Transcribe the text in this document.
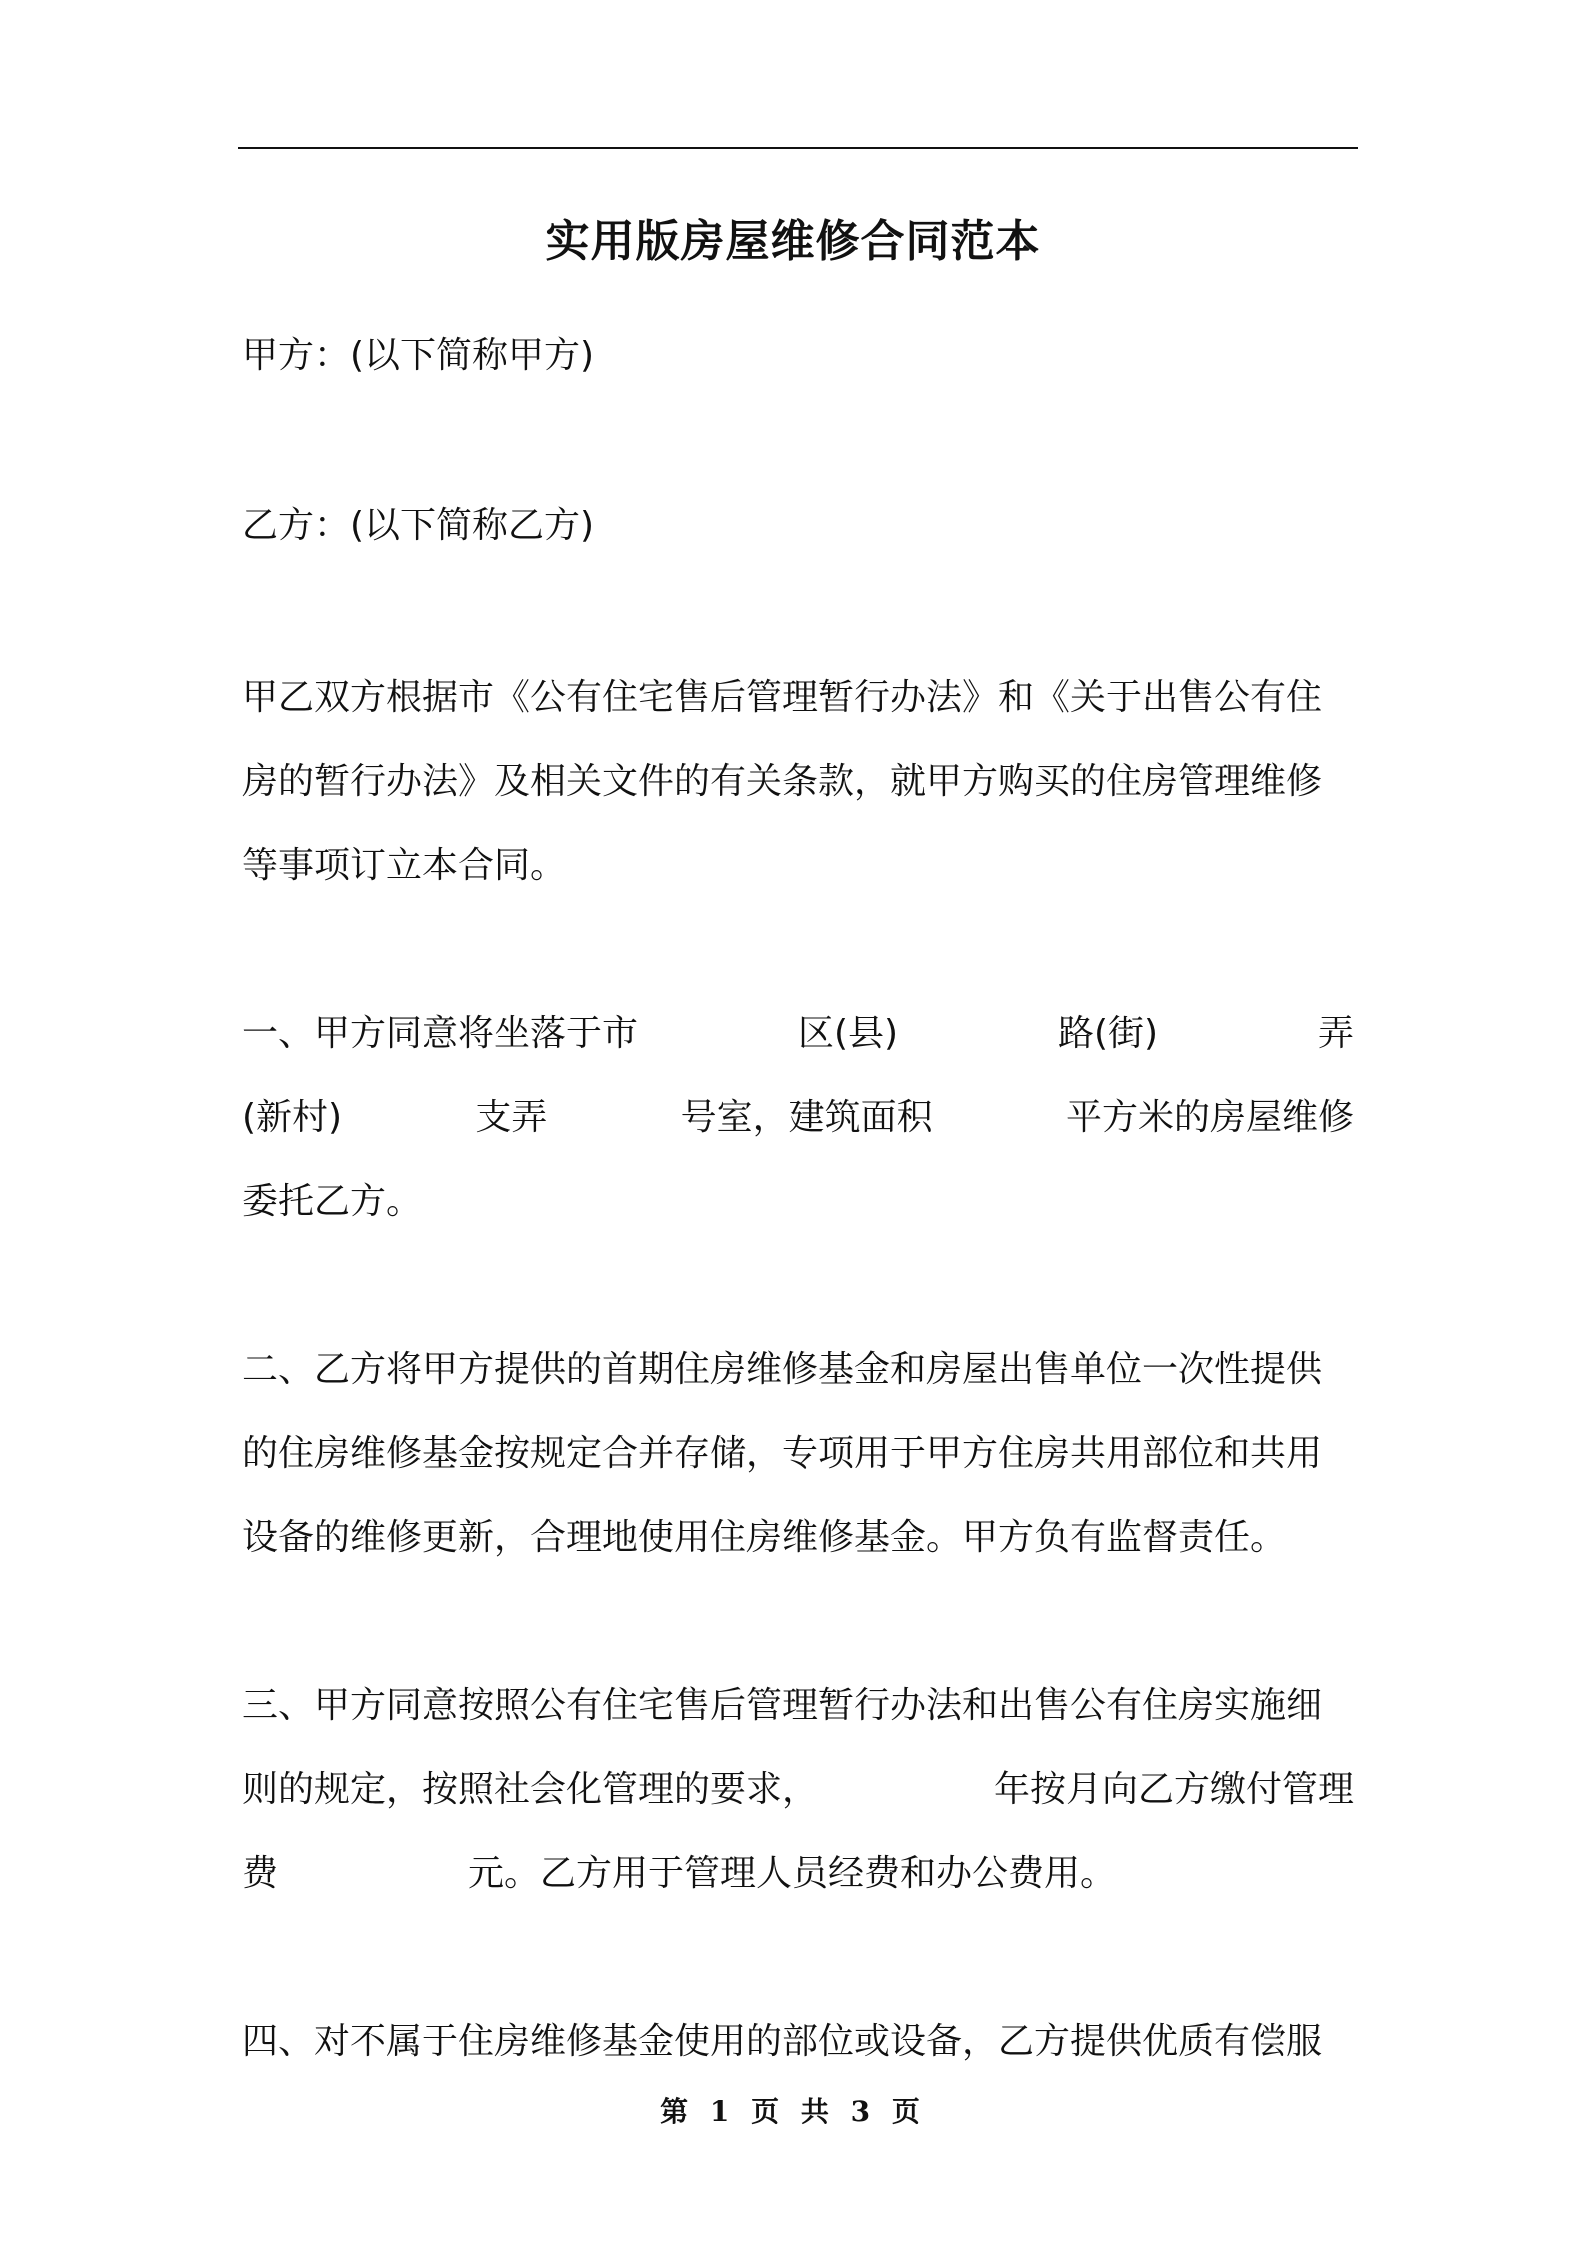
实用版房屋维修合同范本
甲方：(以下简称甲方)
乙方：(以下简称乙方)
甲乙双方根据市《公有住宅售后管理暂行办法》和《关于出售公有住
房的暂行办法》及相关文件的有关条款，就甲方购买的住房管理维修
等事项订立本合同。
一、甲方同意将坐落于市	区(县)	路(街)	弄
(新村)	支弄	号室，建筑面积	平方米的房屋维修
委托乙方。
二、乙方将甲方提供的首期住房维修基金和房屋出售单位一次性提供
的住房维修基金按规定合并存储，专项用于甲方住房共用部位和共用
设备的维修更新，合理地使用住房维修基金。甲方负有监督责任。
三、甲方同意按照公有住宅售后管理暂行办法和出售公有住房实施细
则的规定，按照社会化管理的要求，	年按月向乙方缴付管理
费	元。乙方用于管理人员经费和办公费用。
四、对不属于住房维修基金使用的部位或设备，乙方提供优质有偿服
第 1 页 共 3 页
